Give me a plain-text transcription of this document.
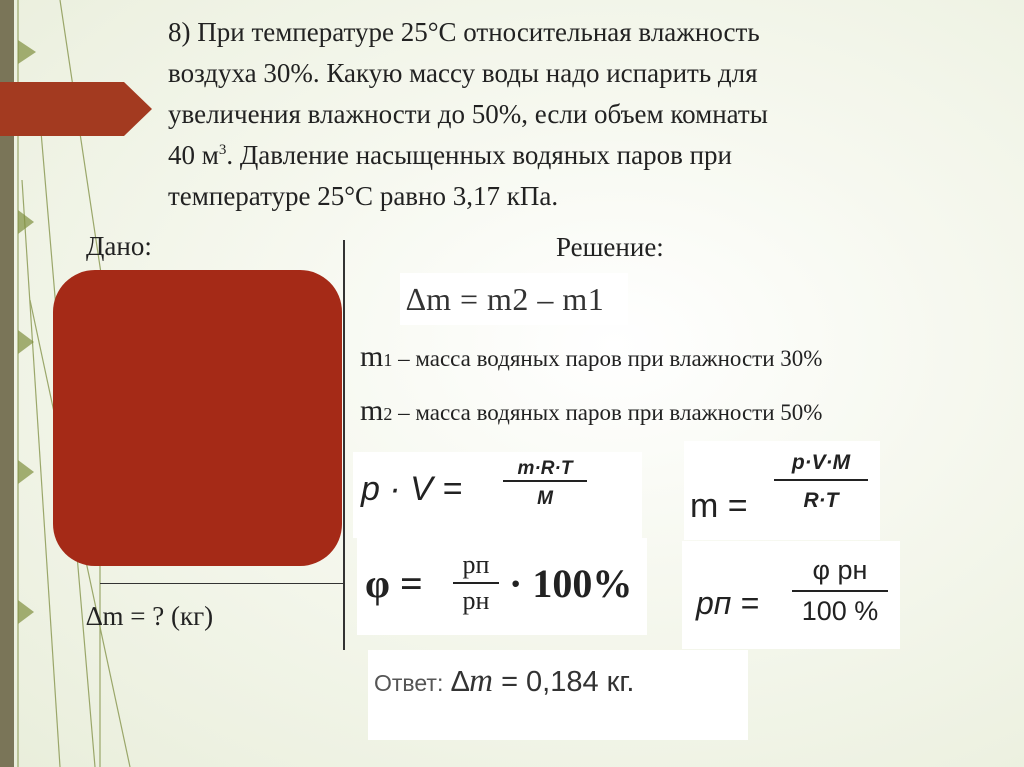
8) При температуре 25°С относительная влажность
воздуха 30%. Какую массу воды надо испарить для
увеличения влажности до 50%, если объем комнаты
40 $м^3$. Давление насыщенных водяных паров при
температуре 25°С равно 3,17 кПа.
Дано:	Решение:
∆m = ? (кг)
∆m = m2 – m1
m1 – масса водяных паров при влажности 30%
m2 – масса водяных паров при влажности 50%
p · V =
m·R·T
M	m =
p·V·M
R·T
φ =	pп
pн · 100% pп =
φ pн
100 %
Ответ: ∆m = 0,184 кг.
